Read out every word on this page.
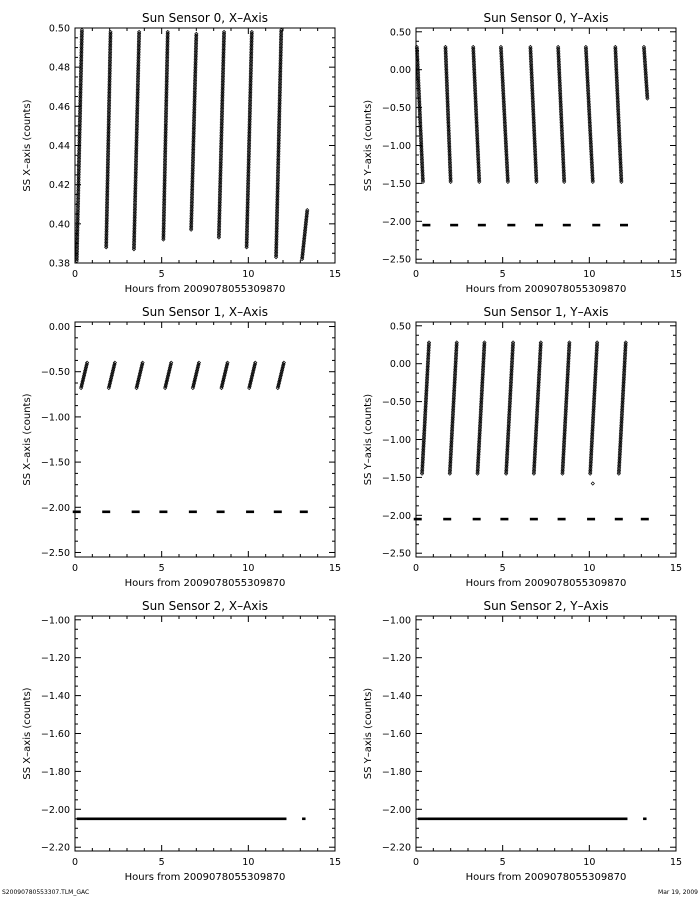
Sun Sensor 0, X–Axis
0	5	10	15
0.38
0.40
0.42
0.44
0.46
0.48
0.50
Hours from 2009078055309870
SS X–axis (counts)
Sun Sensor 0, Y–Axis
0	5	10	15
−2.50
−2.00
−1.50
−1.00
−0.50
0.00
0.50
Hours from 2009078055309870
SS Y–axis (counts)
Sun Sensor 1, X–Axis
0	5	10	15
−2.50
−2.00
−1.50
−1.00
−0.50
0.00
Hours from 2009078055309870
SS X–axis (counts)
Sun Sensor 1, Y–Axis
0	5	10	15
−2.50
−2.00
−1.50
−1.00
−0.50
0.00
0.50
Hours from 2009078055309870
SS Y–axis (counts)
Sun Sensor 2, X–Axis
0	5	10	15
−2.20
−2.00
−1.80
−1.60
−1.40
−1.20
−1.00
Hours from 2009078055309870
SS X–axis (counts)
Sun Sensor 2, Y–Axis
0	5	10	15
−2.20
−2.00
−1.80
−1.60
−1.40
−1.20
−1.00
Hours from 2009078055309870
SS Y–axis (counts)
S20090780553307.TLM_GAC	Mar 19, 2009
